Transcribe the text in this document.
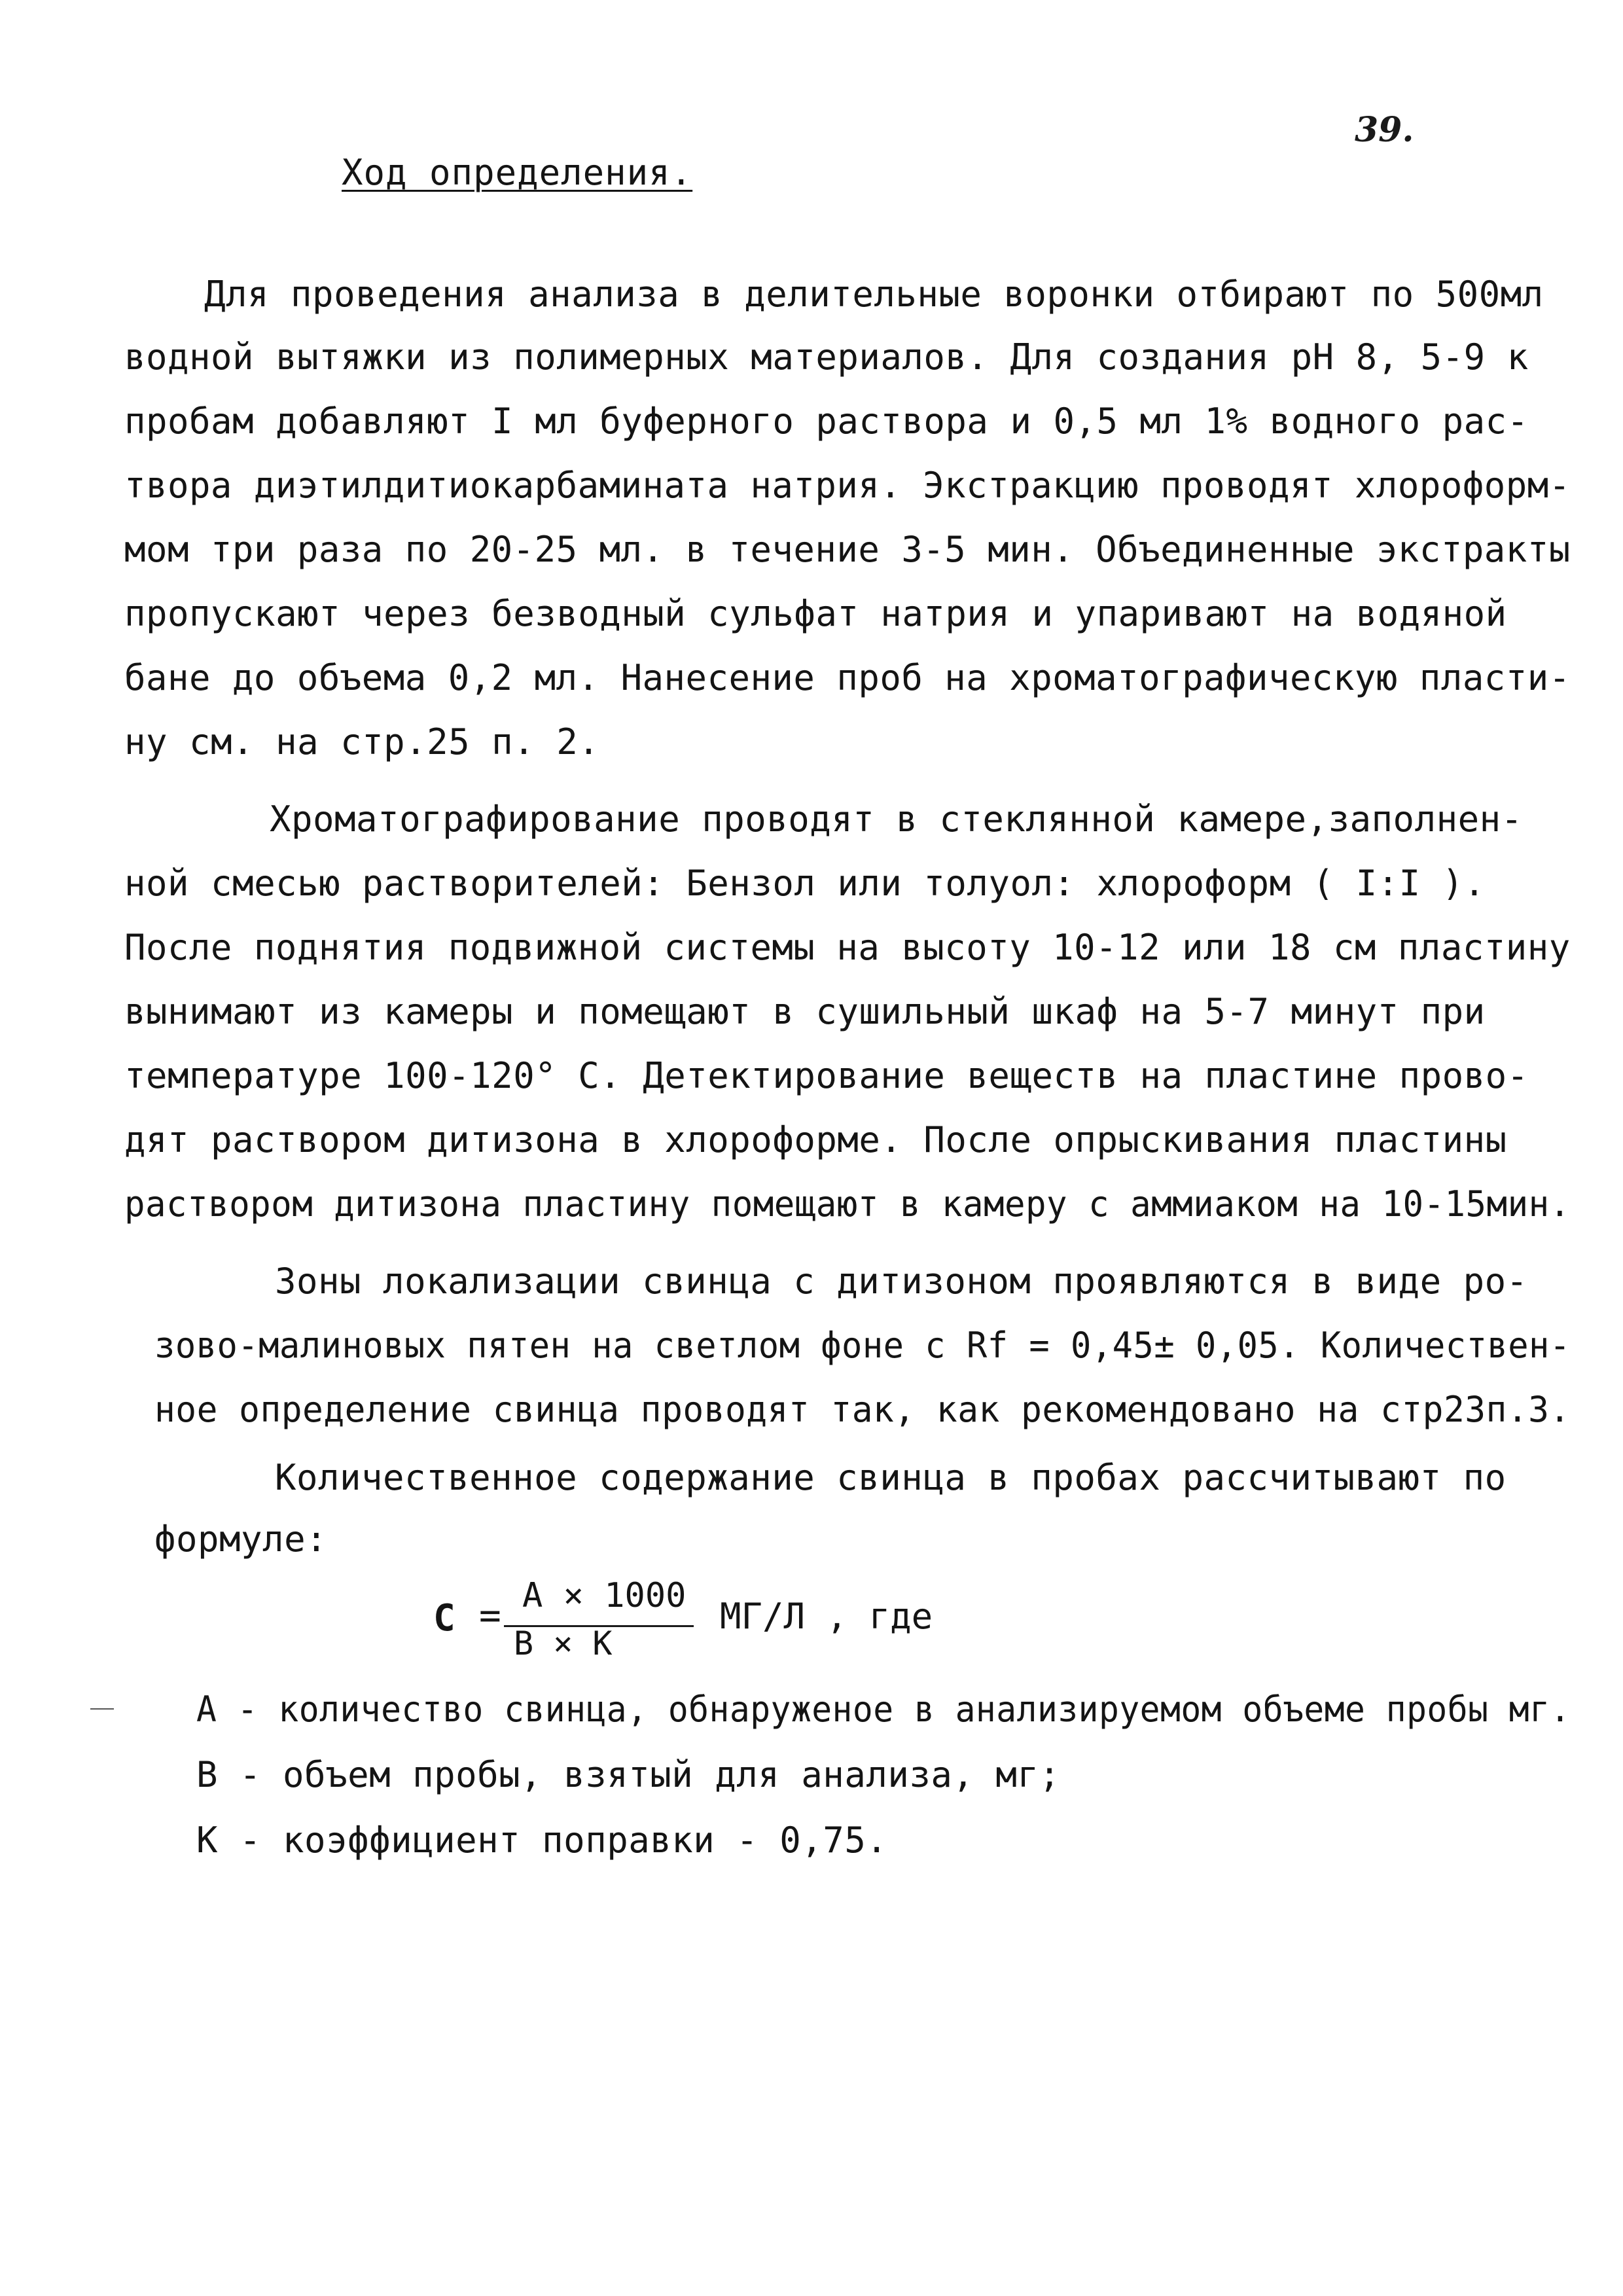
39.
Ход определения.
Для проведения анализа в делительные воронки отбирают по 500мл
водной вытяжки из полимерных материалов. Для создания pH 8, 5-9 к
пробам добавляют I мл буферного раствора и 0,5 мл 1% водного рас-
твора диэтилдитиокарбамината натрия. Экстракцию проводят хлороформ-
мом три раза по 20-25 мл. в течение 3-5 мин. Объединенные экстракты
пропускают через безводный сульфат натрия и упаривают на водяной
бане до объема 0,2 мл. Нанесение проб на хроматографическую пласти-
ну см. на стр.25 п. 2.
Хроматографирование проводят в стеклянной камере,заполнен-
ной смесью растворителей: Бензол или толуол: хлороформ ( I:I ).
После поднятия подвижной системы на высоту 10-12 или 18 см пластину
вынимают из камеры и помещают в сушильный шкаф на 5-7 минут при
температуре 100-120° С. Детектирование веществ на пластине прово-
дят раствором дитизона в хлороформе. После опрыскивания пластины
раствором дитизона пластину помещают в камеру с аммиаком на 10-15мин.
Зоны локализации свинца с дитизоном проявляются в виде ро-
зово-малиновых пятен на светлом фоне с Rf = 0,45± 0,05. Количествен-
ное определение свинца проводят так, как рекомендовано на стр23п.3.
Количественное содержание свинца в пробах рассчитывают по
формуле:
С = А × 1000
В × К
МГ/Л , где
А - количество свинца, обнаруженое в анализируемом объеме пробы мг.
В - объем пробы, взятый для анализа, мг;
К - коэффициент поправки - 0,75.
